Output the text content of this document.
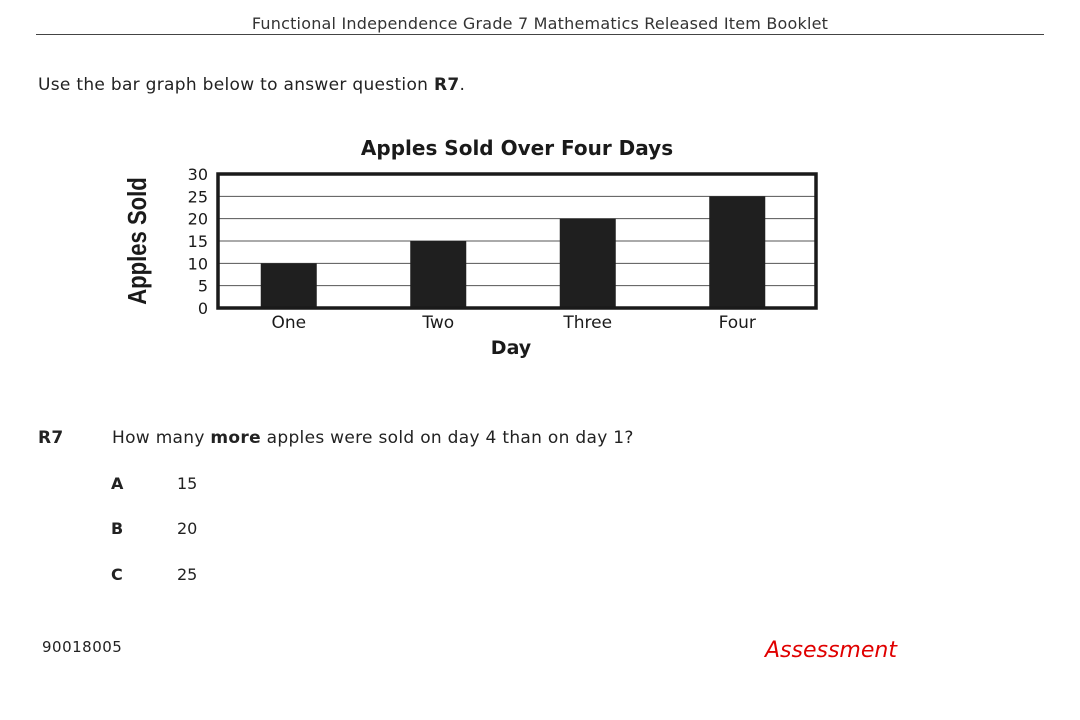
Functional Independence Grade 7 Mathematics Released Item Booklet
Use the bar graph below to answer question R7.
Apples Sold Over Four Days
One	Two	Three	Four
0
5
10
15
20
25
30
Day
Apples Sold
R7	How many more apples were sold on day 4 than on day 1?
A	15
B	20
C	25
90018005	Assessment
